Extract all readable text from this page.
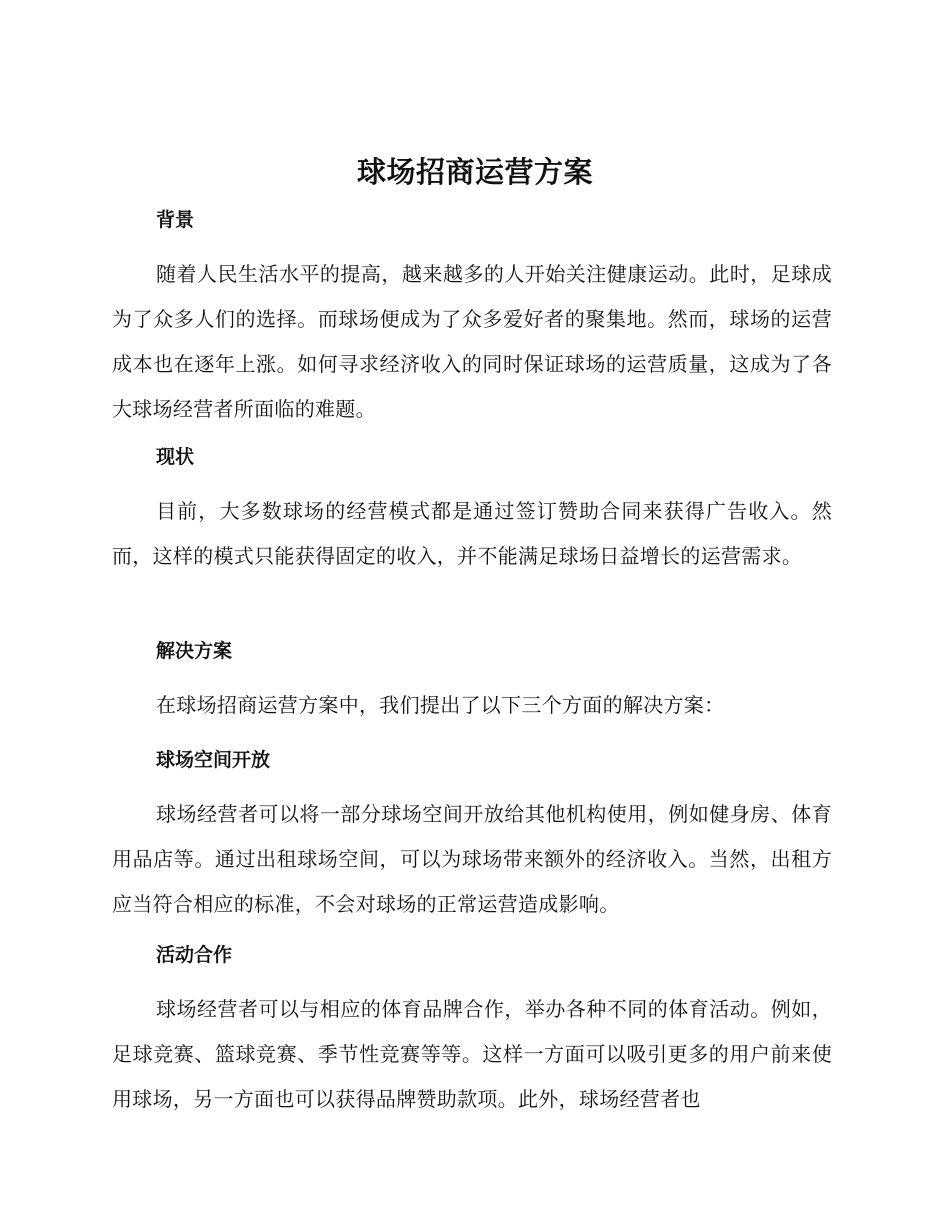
球场招商运营方案
背景

随着人民生活水平的提高，越来越多的人开始关注健康运动。此时，足球成为了众多人们的选择。而球场便成为了众多爱好者的聚集地。然而，球场的运营成本也在逐年上涨。如何寻求经济收入的同时保证球场的运营质量，这成为了各大球场经营者所面临的难题。

现状

目前，大多数球场的经营模式都是通过签订赞助合同来获得广告收入。然而，这样的模式只能获得固定的收入，并不能满足球场日益增长的运营需求。

解决方案

在球场招商运营方案中，我们提出了以下三个方面的解决方案：

球场空间开放

球场经营者可以将一部分球场空间开放给其他机构使用，例如健身房、体育用品店等。通过出租球场空间，可以为球场带来额外的经济收入。当然，出租方应当符合相应的标准，不会对球场的正常运营造成影响。

活动合作

球场经营者可以与相应的体育品牌合作，举办各种不同的体育活动。例如，足球竞赛、篮球竞赛、季节性竞赛等等。这样一方面可以吸引更多的用户前来使用球场，另一方面也可以获得品牌赞助款项。此外，球场经营者也
